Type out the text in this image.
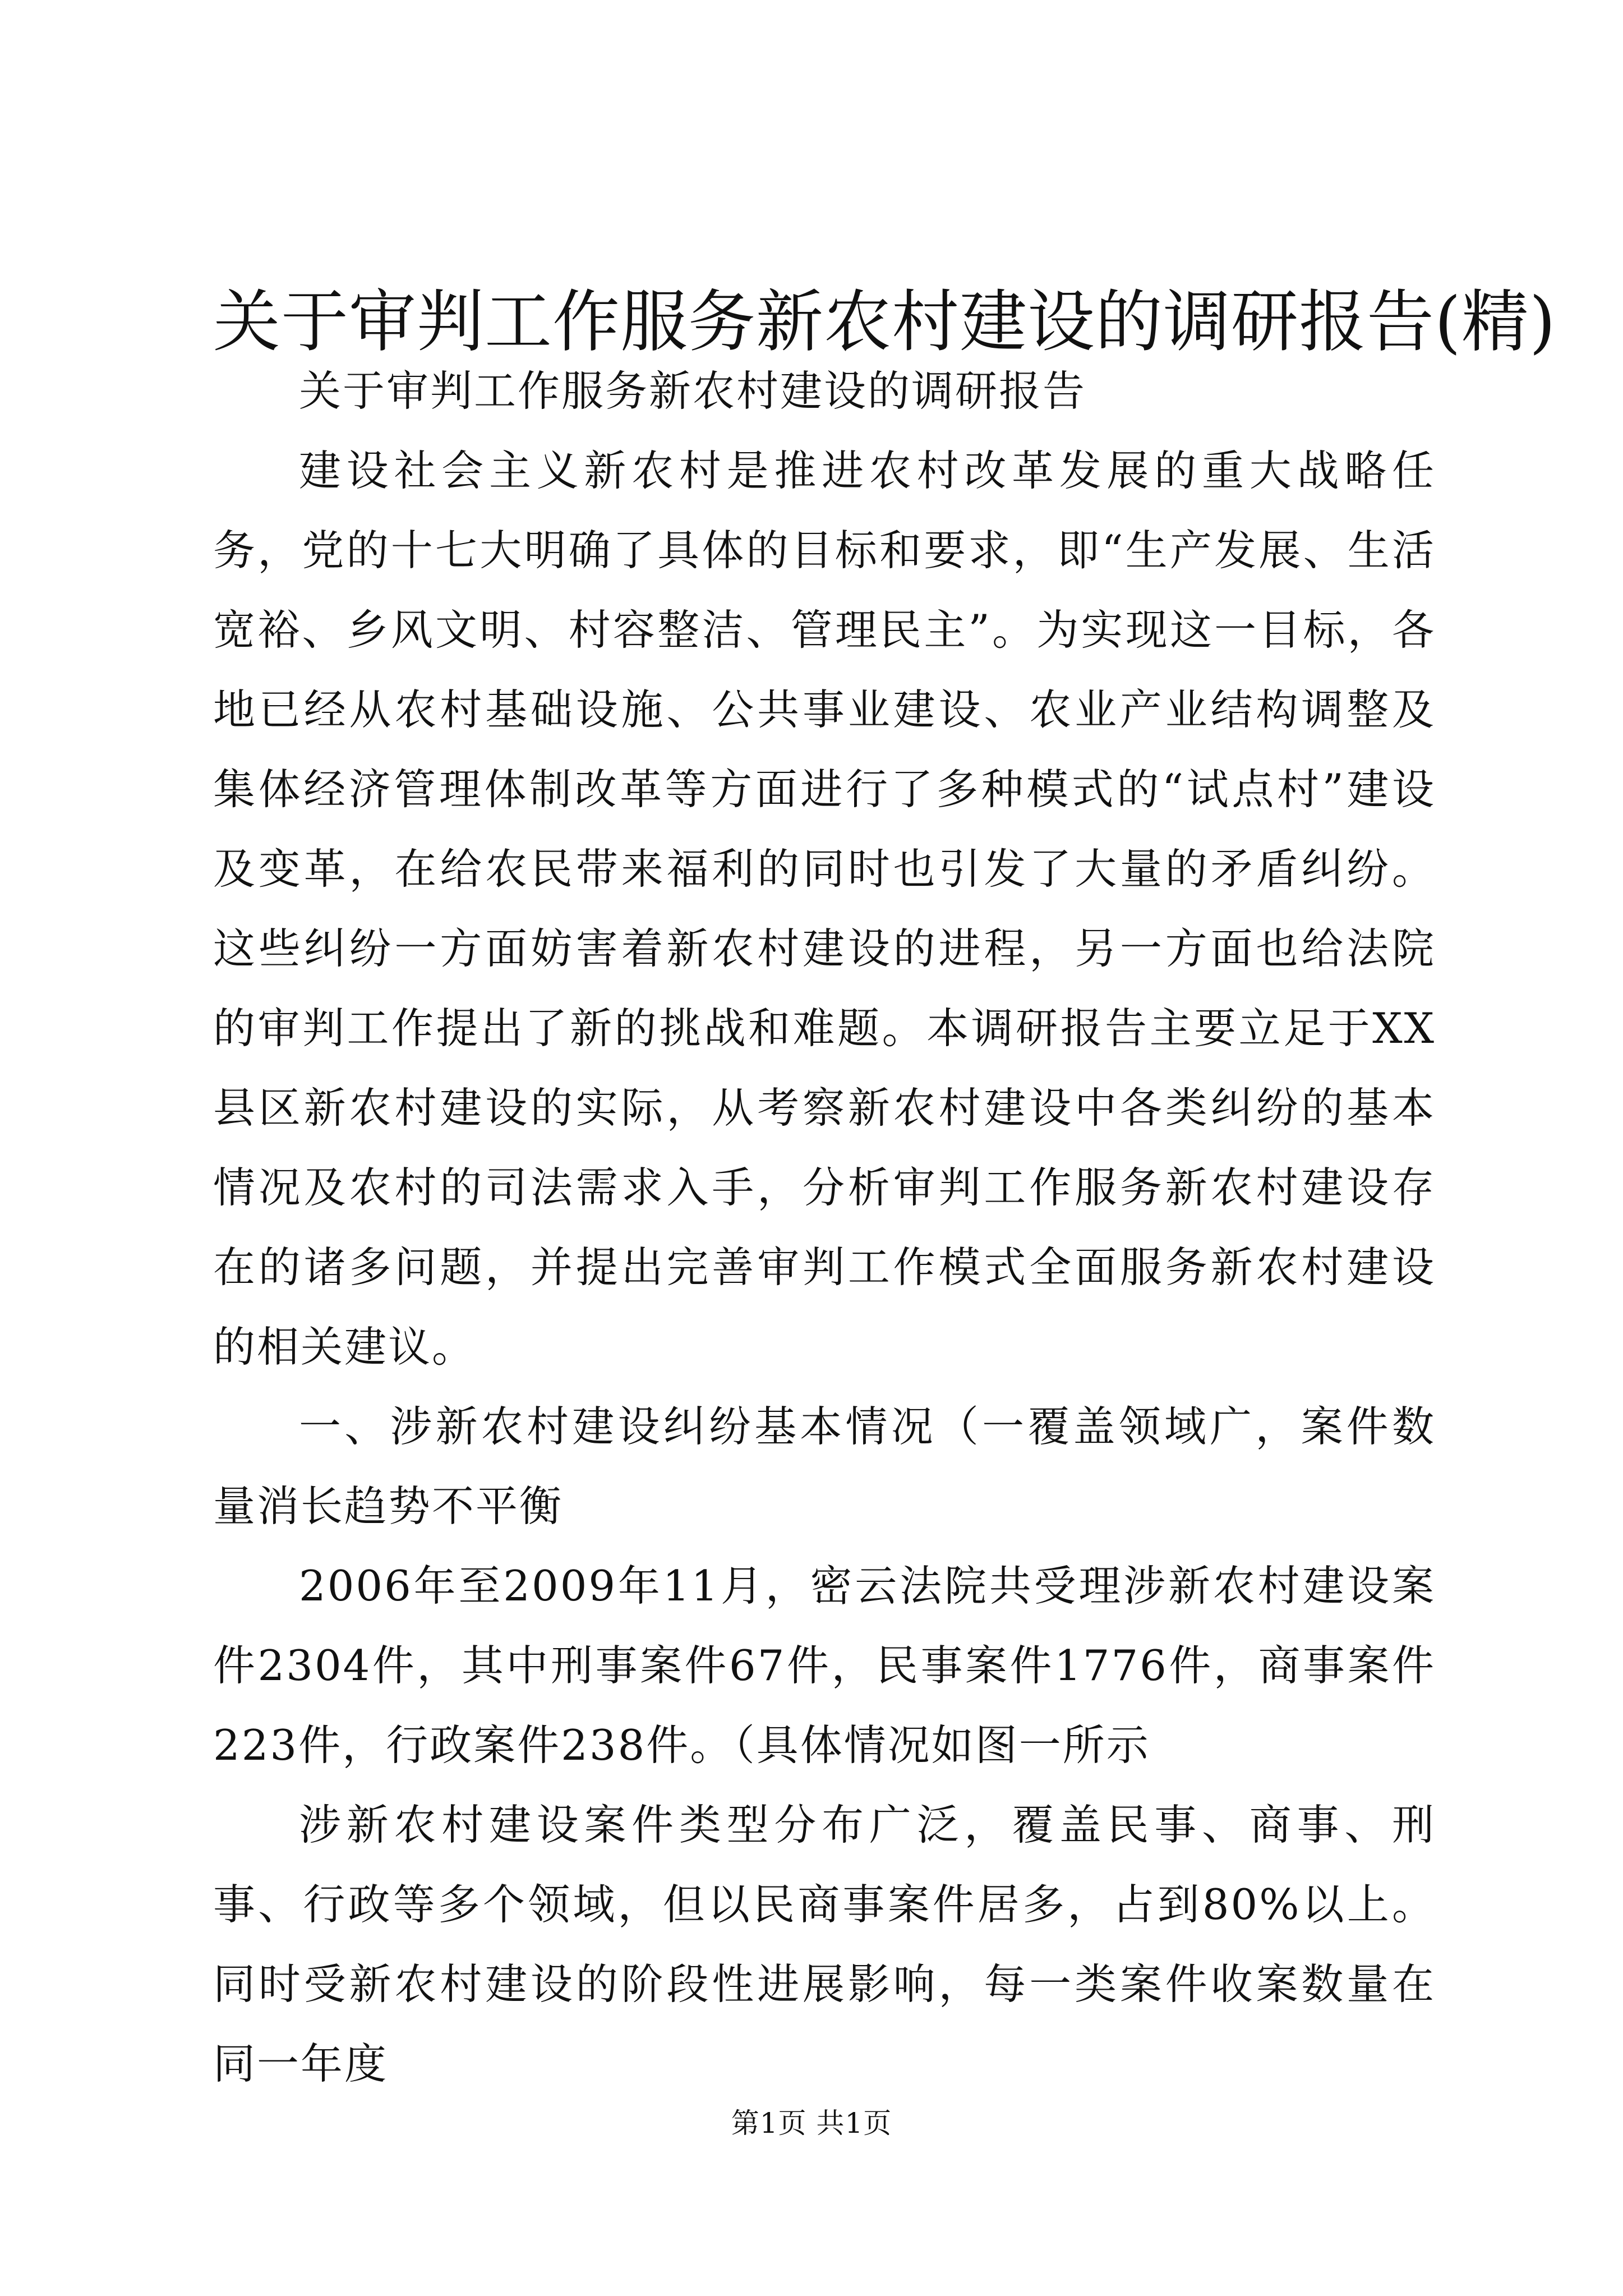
关于审判工作服务新农村建设的调研报告(精)

关于审判工作服务新农村建设的调研报告

建设社会主义新农村是推进农村改革发展的重大战略任务，党的十七大明确了具体的目标和要求，即“生产发展、生活宽裕、乡风文明、村容整洁、管理民主”。为实现这一目标，各地已经从农村基础设施、公共事业建设、农业产业结构调整及集体经济管理体制改革等方面进行了多种模式的“试点村”建设及变革，在给农民带来福利的同时也引发了大量的矛盾纠纷。这些纠纷一方面妨害着新农村建设的进程，另一方面也给法院的审判工作提出了新的挑战和难题。本调研报告主要立足于XX县区新农村建设的实际，从考察新农村建设中各类纠纷的基本情况及农村的司法需求入手，分析审判工作服务新农村建设存在的诸多问题，并提出完善审判工作模式全面服务新农村建设的相关建议。

一、涉新农村建设纠纷基本情况（一覆盖领域广，案件数量消长趋势不平衡

2006年至2009年11月，密云法院共受理涉新农村建设案件2304件，其中刑事案件67件，民事案件1776件，商事案件223件，行政案件238件。（具体情况如图一所示

涉新农村建设案件类型分布广泛，覆盖民事、商事、刑事、行政等多个领域，但以民商事案件居多，占到80%以上。同时受新农村建设的阶段性进展影响，每一类案件收案数量在同一年度

第1页 共1页
